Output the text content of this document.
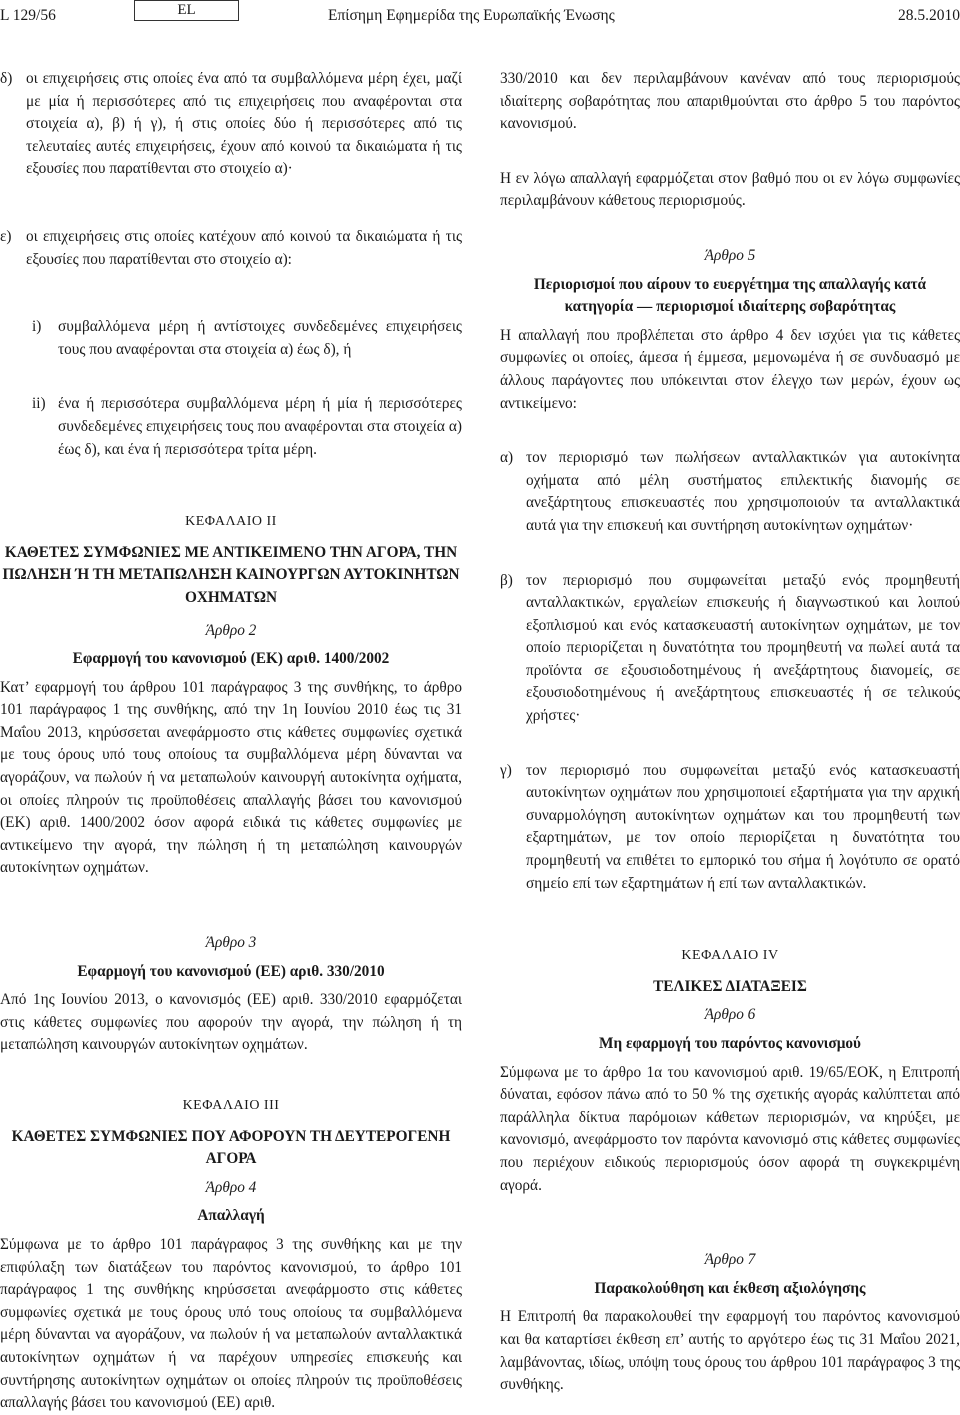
L 129/56	EL	Επίσημη Εφημερίδα της Ευρωπαϊκής Ένωσης	28.5.2010
δ) οι επιχειρήσεις στις οποίες ένα από τα συμβαλλόμενα μέρη έχει, μαζί με μία ή περισσότερες από τις επιχειρήσεις που αναφέρονται στα στοιχεία α), β) ή γ), ή στις οποίες δύο ή περισσότερες από τις τελευταίες αυτές επιχειρήσεις, έχουν από κοινού τα δικαιώματα ή τις εξουσίες που παρατίθενται στο στοιχείο α)·
ε) οι επιχειρήσεις στις οποίες κατέχουν από κοινού τα δικαιώματα ή τις εξουσίες που παρατίθενται στο στοιχείο α):
i)	συμβαλλόμενα μέρη ή αντίστοιχες συνδεδεμένες επιχειρήσεις τους που αναφέρονται στα στοιχεία α) έως δ), ή
ii) ένα ή περισσότερα συμβαλλόμενα μέρη ή μία ή περισσότερες συνδεδεμένες επιχειρήσεις τους που αναφέρονται στα στοιχεία α) έως δ), και ένα ή περισσότερα τρίτα μέρη.

ΚΕΦΑΛΑΙΟ II

ΚΑΘΕΤΕΣ ΣΥΜΦΩΝΙΕΣ ΜΕ ΑΝΤΙΚΕΙΜΕΝΟ ΤΗΝ ΑΓΟΡΑ, ΤΗΝ ΠΩΛΗΣΗ Ή ΤΗ ΜΕΤΑΠΩΛΗΣΗ ΚΑΙΝΟΥΡΓΩΝ ΑΥΤΟΚΙΝΗΤΩΝ ΟΧΗΜΑΤΩΝ

Άρθρο 2

Εφαρμογή του κανονισμού (ΕΚ) αριθ. 1400/2002

Κατ’ εφαρμογή του άρθρου 101 παράγραφος 3 της συνθήκης, το άρθρο 101 παράγραφος 1 της συνθήκης, από την 1η Ιουνίου 2010 έως τις 31 Μαΐου 2013, κηρύσσεται ανεφάρμοστο στις κάθετες συμφωνίες σχετικά με τους όρους υπό τους οποίους τα συμβαλλόμενα μέρη δύνανται να αγοράζουν, να πωλούν ή να μεταπωλούν καινουργή αυτοκίνητα οχήματα, οι οποίες πληρούν τις προϋποθέσεις απαλλαγής βάσει του κανονισμού (ΕΚ) αριθ. 1400/2002 όσον αφορά ειδικά τις κάθετες συμφωνίες με αντικείμενο την αγορά, την πώληση ή τη μεταπώληση καινουργών αυτοκίνητων οχημάτων.

Άρθρο 3

Εφαρμογή του κανονισμού (ΕΕ) αριθ. 330/2010

Από 1ης Ιουνίου 2013, ο κανονισμός (ΕΕ) αριθ. 330/2010 εφαρμόζεται στις κάθετες συμφωνίες που αφορούν την αγορά, την πώληση ή τη μεταπώληση καινουργών αυτοκίνητων οχημάτων.

ΚΕΦΑΛΑΙΟ III

ΚΑΘΕΤΕΣ ΣΥΜΦΩΝΙΕΣ ΠΟΥ ΑΦΟΡΟΥΝ ΤΗ ΔΕΥΤΕΡΟΓΕΝΗ ΑΓΟΡΑ

Άρθρο 4

Απαλλαγή

Σύμφωνα με το άρθρο 101 παράγραφος 3 της συνθήκης και με την επιφύλαξη των διατάξεων του παρόντος κανονισμού, το άρθρο 101 παράγραφος 1 της συνθήκης κηρύσσεται ανεφάρμοστο στις κάθετες συμφωνίες σχετικά με τους όρους υπό τους οποίους τα συμβαλλόμενα μέρη δύνανται να αγοράζουν, να πωλούν ή να μεταπωλούν ανταλλακτικά αυτοκίνητων οχημάτων ή να παρέχουν υπηρεσίες επισκευής και συντήρησης αυτοκίνητων οχημάτων οι οποίες πληρούν τις προϋποθέσεις απαλλαγής βάσει του κανονισμού (ΕΕ) αριθ.

330/2010 και δεν περιλαμβάνουν κανέναν από τους περιορισμούς ιδιαίτερης σοβαρότητας που απαριθμούνται στο άρθρο 5 του παρόντος κανονισμού.

Η εν λόγω απαλλαγή εφαρμόζεται στον βαθμό που οι εν λόγω συμφωνίες περιλαμβάνουν κάθετους περιορισμούς.

Άρθρο 5

Περιορισμοί που αίρουν το ευεργέτημα της απαλλαγής κατά κατηγορία — περιορισμοί ιδιαίτερης σοβαρότητας

Η απαλλαγή που προβλέπεται στο άρθρο 4 δεν ισχύει για τις κάθετες συμφωνίες οι οποίες, άμεσα ή έμμεσα, μεμονωμένα ή σε συνδυασμό με άλλους παράγοντες που υπόκεινται στον έλεγχο των μερών, έχουν ως αντικείμενο:

α) τον περιορισμό των πωλήσεων ανταλλακτικών για αυτοκίνητα οχήματα από μέλη συστήματος επιλεκτικής διανομής σε ανεξάρτητους επισκευαστές που χρησιμοποιούν τα ανταλλακτικά αυτά για την επισκευή και συντήρηση αυτοκίνητων οχημάτων·
β) τον περιορισμό που συμφωνείται μεταξύ ενός προμηθευτή ανταλλακτικών, εργαλείων επισκευής ή διαγνωστικού και λοιπού εξοπλισμού και ενός κατασκευαστή αυτοκίνητων οχημάτων, με τον οποίο περιορίζεται η δυνατότητα του προμηθευτή να πωλεί αυτά τα προϊόντα σε εξουσιοδοτημένους ή ανεξάρτητους διανομείς, σε εξουσιοδοτημένους ή ανεξάρτητους επισκευαστές ή σε τελικούς χρήστες·
γ) τον περιορισμό που συμφωνείται μεταξύ ενός κατασκευαστή αυτοκίνητων οχημάτων που χρησιμοποιεί εξαρτήματα για την αρχική συναρμολόγηση αυτοκίνητων οχημάτων και του προμηθευτή των εξαρτημάτων, με τον οποίο περιορίζεται η δυνατότητα του προμηθευτή να επιθέτει το εμπορικό του σήμα ή λογότυπο σε ορατό σημείο επί των εξαρτημάτων ή επί των ανταλλακτικών.

ΚΕΦΑΛΑΙΟ IV

ΤΕΛΙΚΕΣ ΔΙΑΤΑΞΕΙΣ

Άρθρο 6

Μη εφαρμογή του παρόντος κανονισμού

Σύμφωνα με το άρθρο 1α του κανονισμού αριθ. 19/65/ΕΟΚ, η Επιτροπή δύναται, εφόσον πάνω από το 50 % της σχετικής αγοράς καλύπτεται από παράλληλα δίκτυα παρόμοιων κάθετων περιορισμών, να κηρύξει, με κανονισμό, ανεφάρμοστο τον παρόντα κανονισμό στις κάθετες συμφωνίες που περιέχουν ειδικούς περιορισμούς όσον αφορά τη συγκεκριμένη αγορά.

Άρθρο 7

Παρακολούθηση και έκθεση αξιολόγησης

Η Επιτροπή θα παρακολουθεί την εφαρμογή του παρόντος κανονισμού και θα καταρτίσει έκθεση επ’ αυτής το αργότερο έως τις 31 Μαΐου 2021, λαμβάνοντας, ιδίως, υπόψη τους όρους του άρθρου 101 παράγραφος 3 της συνθήκης.
